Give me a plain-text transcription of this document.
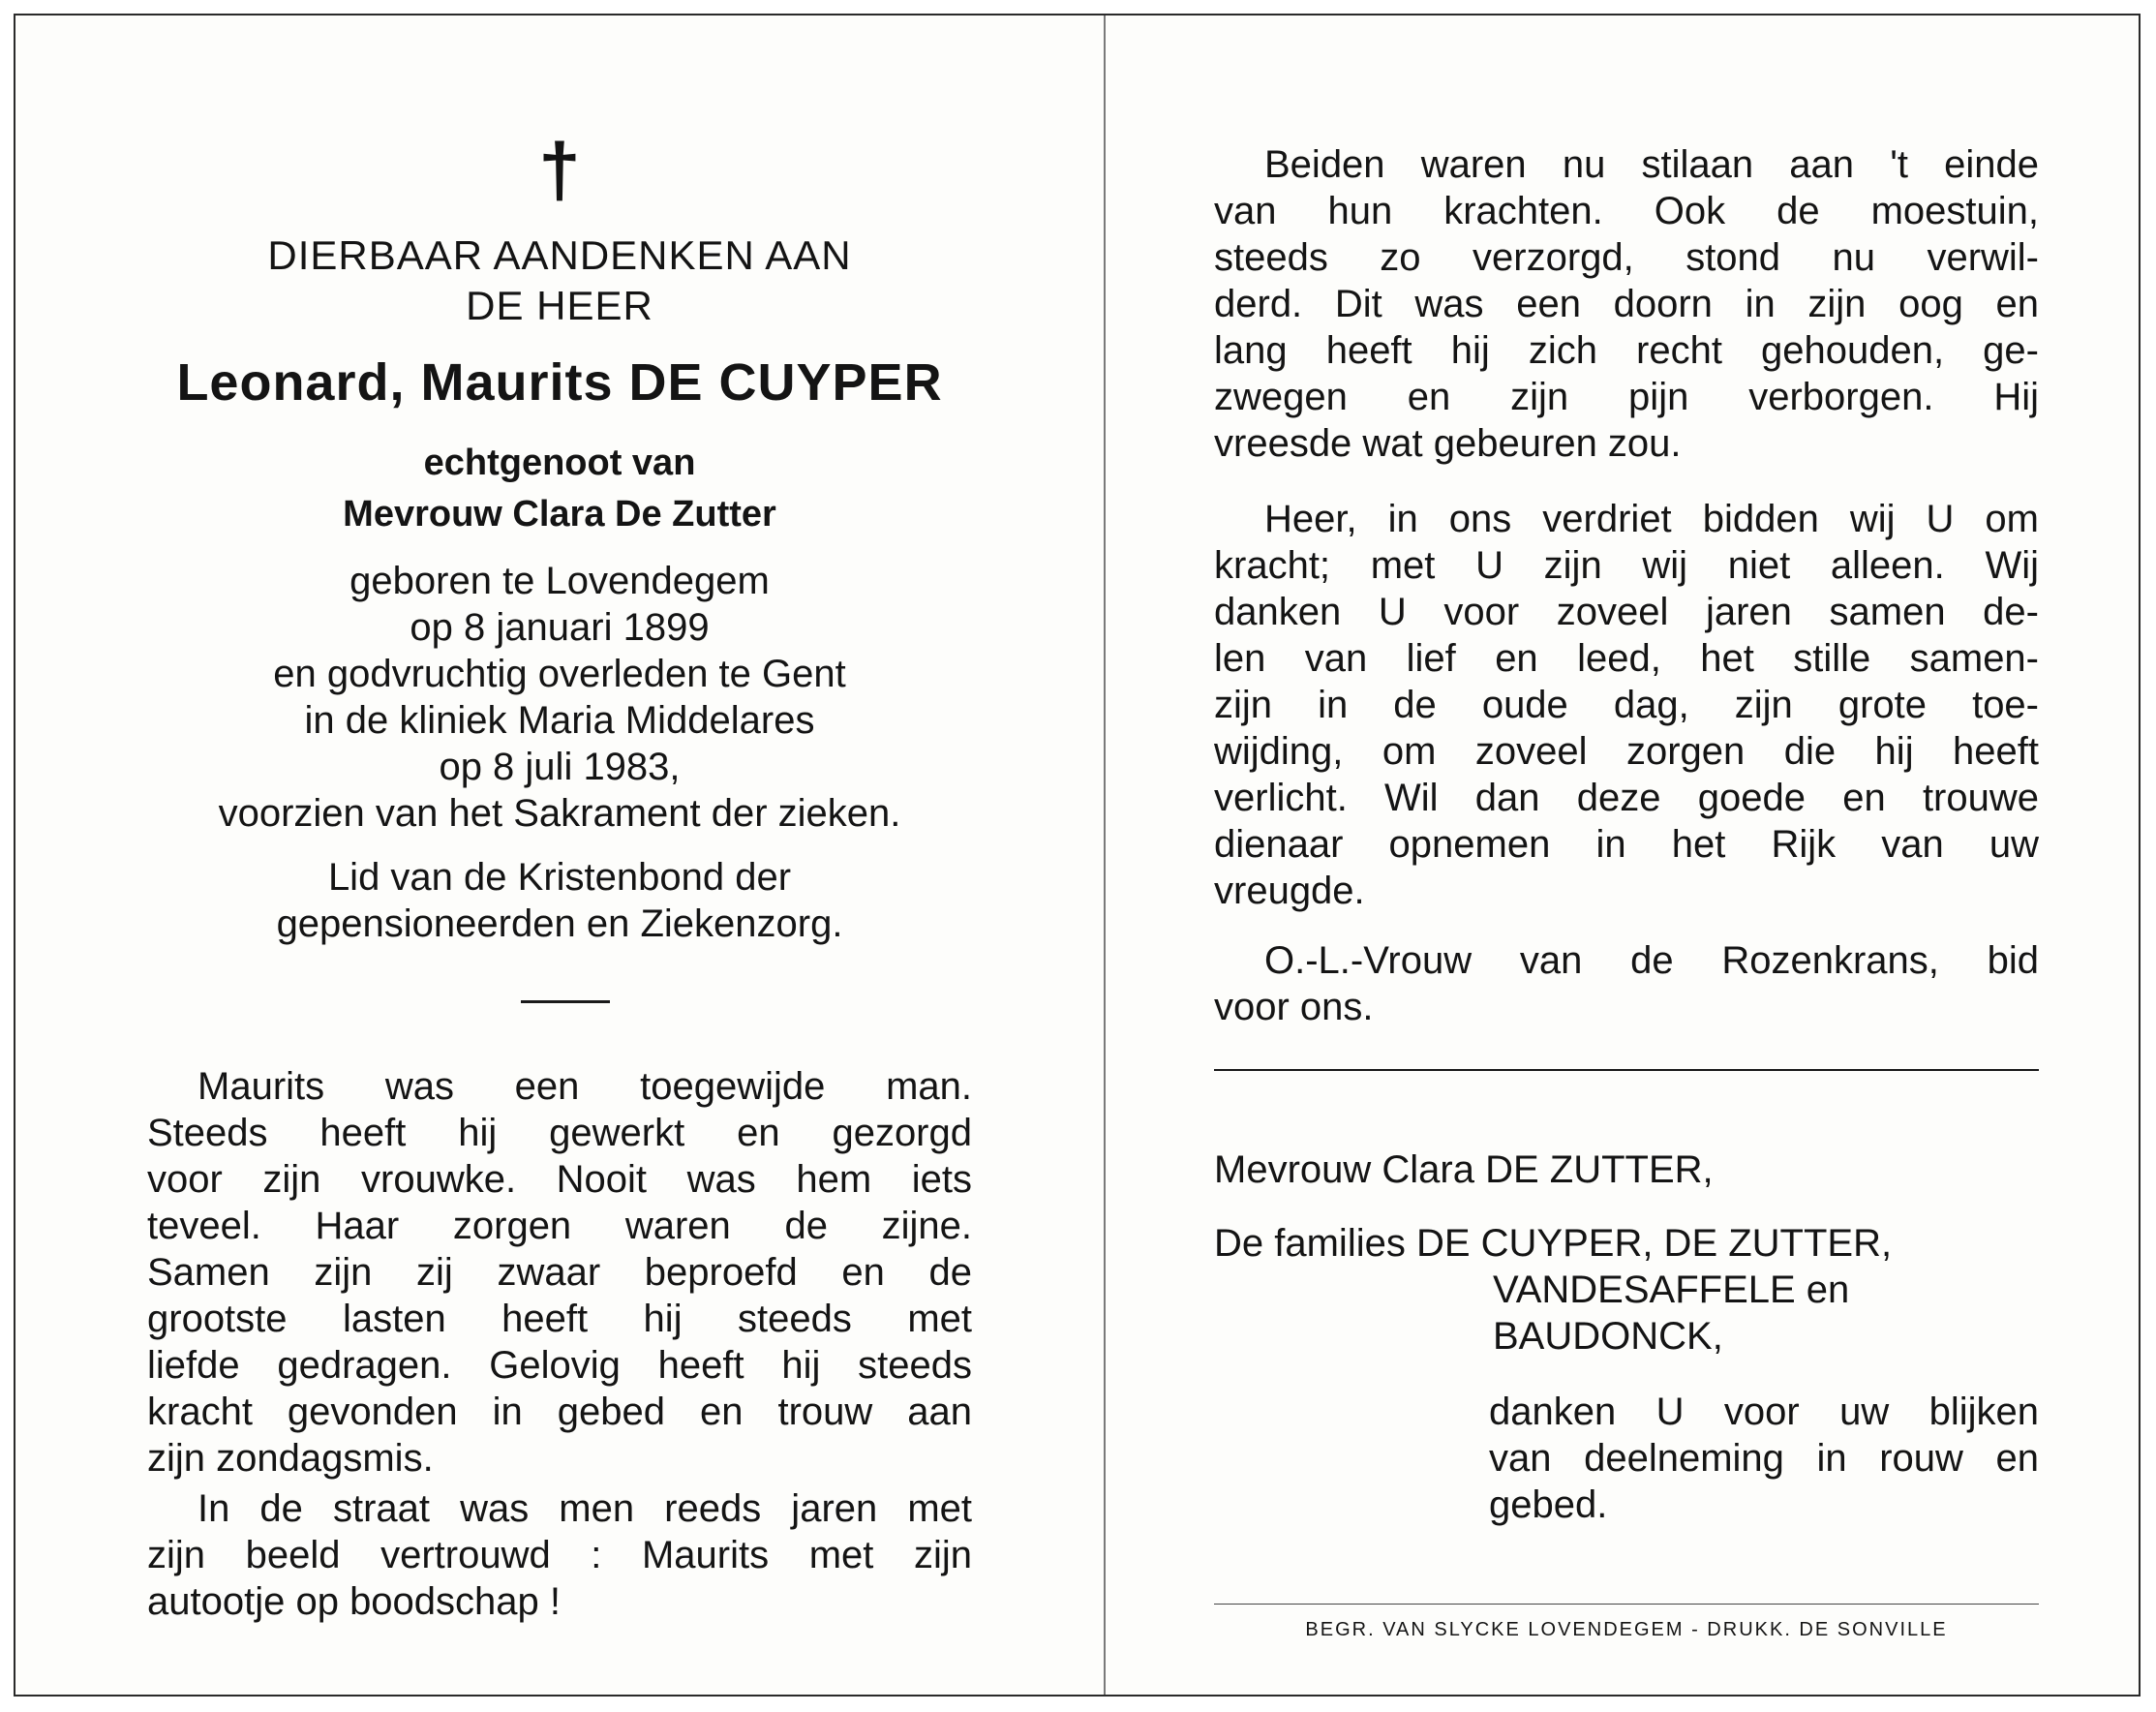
†
DIERBAAR AANDENKEN AAN
DE HEER
Leonard, Maurits DE CUYPER
echtgenoot van
Mevrouw Clara De Zutter
geboren te Lovendegem
op 8 januari 1899
en godvruchtig overleden te Gent
in de kliniek Maria Middelares
op 8 juli 1983,
voorzien van het Sakrament der zieken.
Lid van de Kristenbond der
gepensioneerden en Ziekenzorg.
Maurits was een toegewijde man.
Steeds heeft hij gewerkt en gezorgd
voor zijn vrouwke. Nooit was hem iets
teveel. Haar zorgen waren de zijne.
Samen zijn zij zwaar beproefd en de
grootste lasten heeft hij steeds met
liefde gedragen. Gelovig heeft hij steeds
kracht gevonden in gebed en trouw aan
zijn zondagsmis.
In de straat was men reeds jaren met
zijn beeld vertrouwd : Maurits met zijn
autootje op boodschap !
Beiden waren nu stilaan aan 't einde
van hun krachten. Ook de moestuin,
steeds zo verzorgd, stond nu verwil-
derd. Dit was een doorn in zijn oog en
lang heeft hij zich recht gehouden, ge-
zwegen en zijn pijn verborgen. Hij
vreesde wat gebeuren zou.
Heer, in ons verdriet bidden wij U om
kracht; met U zijn wij niet alleen. Wij
danken U voor zoveel jaren samen de-
len van lief en leed, het stille samen-
zijn in de oude dag, zijn grote toe-
wijding, om zoveel zorgen die hij heeft
verlicht. Wil dan deze goede en trouwe
dienaar opnemen in het Rijk van uw
vreugde.
O.-L.-Vrouw van de Rozenkrans, bid
voor ons.
Mevrouw Clara DE ZUTTER,
De families DE CUYPER, DE ZUTTER,
VANDESAFFELE en
BAUDONCK,
danken U voor uw blijken
van deelneming in rouw en
gebed.
BEGR. VAN SLYCKE LOVENDEGEM - DRUKK. DE SONVILLE
